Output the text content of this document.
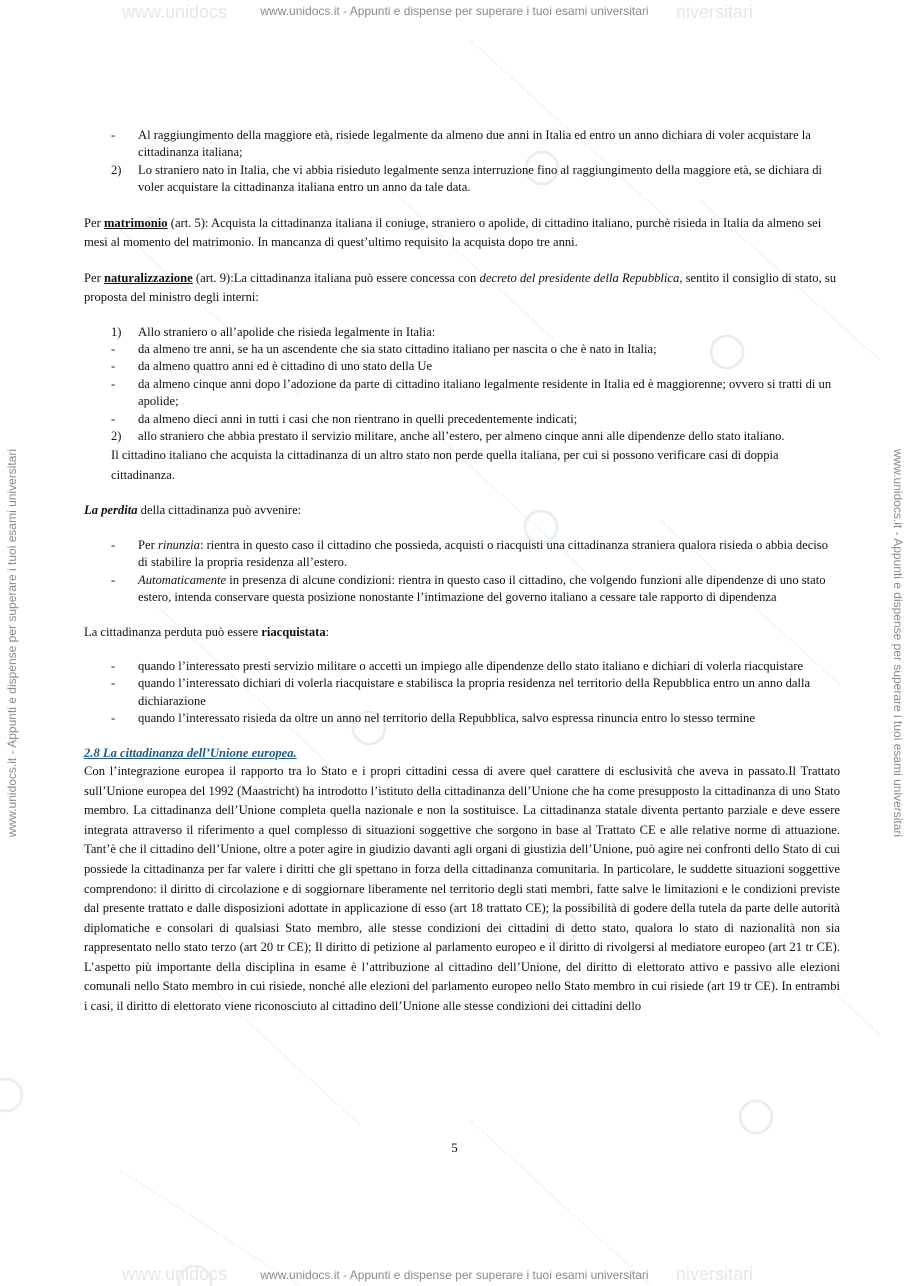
www.unidocs	niversitari
www.unidocs	niversitari
www.unidocs.it - Appunti e dispense per superare i tuoi esami universitari
www.unidocs.it - Appunti e dispense per superare i tuoi esami universitari
www.unidocs.it - Appunti e dispense per superare i tuoi esami universitari	www.unidocs.it - Appunti e dispense per superare i tuoi esami universitari
- Al raggiungimento della maggiore età, risiede legalmente da almeno due anni in Italia ed entro un anno dichiara di voler acquistare la cittadinanza italiana;
2) Lo straniero nato in Italia, che vi abbia risieduto legalmente senza interruzione fino al raggiungimento della maggiore età, se dichiara di voler acquistare la cittadinanza italiana entro un anno da tale data.

Per matrimonio (art. 5): Acquista la cittadinanza italiana il coniuge, straniero o apolide, di cittadino italiano, purchè risieda in Italia da almeno sei mesi al momento del matrimonio. In mancanza di quest’ultimo requisito la acquista dopo tre anni.

Per naturalizzazione (art. 9):La cittadinanza italiana può essere concessa con decreto del presidente della Repubblica, sentito il consiglio di stato, su proposta del ministro degli interni:

1) Allo straniero o all’apolide che risieda legalmente in Italia:
- da almeno tre anni, se ha un ascendente che sia stato cittadino italiano per nascita o che è nato in Italia;
- da almeno quattro anni ed è cittadino di uno stato della Ue
- da almeno cinque anni dopo l’adozione da parte di cittadino italiano legalmente residente in Italia ed è maggiorenne; ovvero si tratti di un apolide;
- da almeno dieci anni in tutti i casi che non rientrano in quelli precedentemente indicati;
2) allo straniero che abbia prestato il servizio militare, anche all’estero, per almeno cinque anni alle dipendenze dello stato italiano.

Il cittadino italiano che acquista la cittadinanza di un altro stato non perde quella italiana, per cui si possono verificare casi di doppia cittadinanza.

La perdita della cittadinanza può avvenire:

- Per rinunzia: rientra in questo caso il cittadino che possieda, acquisti o riacquisti una cittadinanza straniera qualora risieda o abbia deciso di stabilire la propria residenza all’estero.
- Automaticamente in presenza di alcune condizioni: rientra in questo caso il cittadino, che volgendo funzioni alle dipendenze di uno stato estero, intenda conservare questa posizione nonostante l’intimazione del governo italiano a cessare tale rapporto di dipendenza

La cittadinanza perduta può essere riacquistata:

- quando l’interessato presti servizio militare o accetti un impiego alle dipendenze dello stato italiano e dichiari di volerla riacquistare
- quando l’interessato dichiari di volerla riacquistare e stabilisca la propria residenza nel territorio della Repubblica entro un anno dalla dichiarazione
- quando l’interessato risieda da oltre un anno nel territorio della Repubblica, salvo espressa rinuncia entro lo stesso termine

2.8 La cittadinanza dell’Unione europea.

Con l’integrazione europea il rapporto tra lo Stato e i propri cittadini cessa di avere quel carattere di esclusività che aveva in passato.Il Trattato sull’Unione europea del 1992 (Maastricht) ha introdotto l’istituto della cittadinanza dell’Unione che ha come presupposto la cittadinanza di uno Stato membro. La cittadinanza dell’Unione completa quella nazionale e non la sostituisce. La cittadinanza statale diventa pertanto parziale e deve essere integrata attraverso il riferimento a quel complesso di situazioni soggettive che sorgono in base al Trattato CE e alle relative norme di attuazione. Tant’è che il cittadino dell’Unione, oltre a poter agire in giudizio davanti agli organi di giustizia dell’Unione, può agire nei confronti dello Stato di cui possiede la cittadinanza per far valere i diritti che gli spettano in forza della cittadinanza comunitaria. In particolare, le suddette situazioni soggettive comprendono: il diritto di circolazione e di soggiornare liberamente nel territorio degli stati membri, fatte salve le limitazioni e le condizioni previste dal presente trattato e dalle disposizioni adottate in applicazione di esso (art 18 trattato CE); la possibilità di godere della tutela da parte delle autorità diplomatiche e consolari di qualsiasi Stato membro, alle stesse condizioni dei cittadini di detto stato, qualora lo stato di nazionalità non sia rappresentato nello stato terzo (art 20 tr CE); Il diritto di petizione al parlamento europeo e il diritto di rivolgersi al mediatore europeo (art 21 tr CE). L’aspetto più importante della disciplina in esame è l’attribuzione al cittadino dell’Unione, del diritto di elettorato attivo e passivo alle elezioni comunali nello Stato membro in cui risiede, nonché alle elezioni del parlamento europeo nello Stato membro in cui risiede (art 19 tr CE). In entrambi i casi, il diritto di elettorato viene riconosciuto al cittadino dell’Unione alle stesse condizioni dei cittadini dello

5
